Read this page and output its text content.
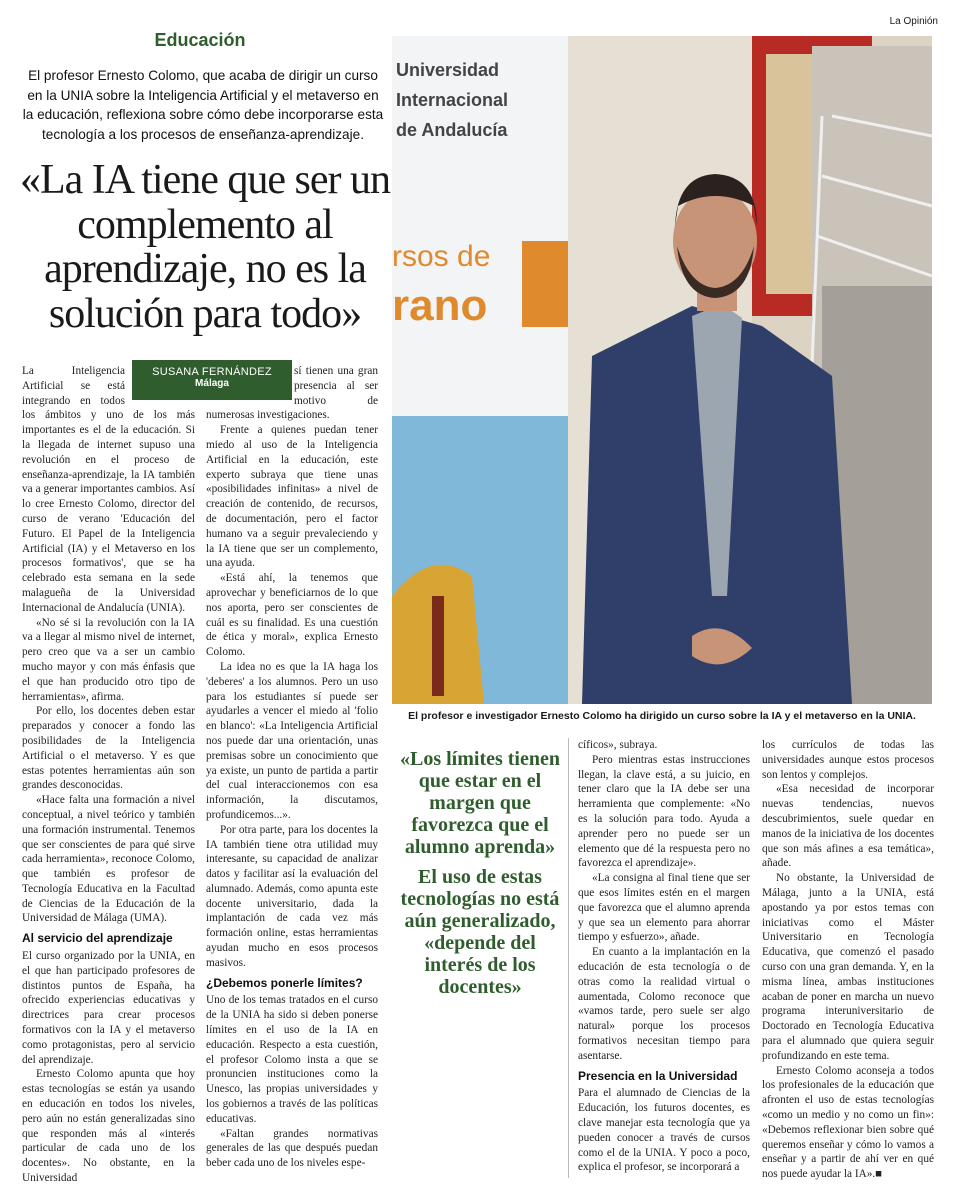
La Opinión
Educación
El profesor Ernesto Colomo, que acaba de dirigir un curso en la UNIA sobre la Inteligencia Artificial y el metaverso en la educación, reflexiona sobre cómo debe incorporarse esta tecnología a los procesos de enseñanza-aprendizaje.
«La IA tiene que ser un complemento al aprendizaje, no es la solución para todo»
Universidad
Internacional
de Andalucía
rsos de
rano
El profesor e investigador Ernesto Colomo ha dirigido un curso sobre la IA y el metaverso en la UNIA.
SUSANA FERNÁNDEZ
Málaga

La Inteligencia Artificial se está integrando en todos los ámbitos y uno de los más importantes es el de la educación. Si la llegada de internet supuso una revolución en el proceso de enseñanza-aprendizaje, la IA también va a generar importantes cambios. Así lo cree Ernesto Colomo, director del curso de verano 'Educación del Futuro. El Papel de la Inteligencia Artificial (IA) y el Metaverso en los procesos formativos', que se ha celebrado esta semana en la sede malagueña de la Universidad Internacional de Andalucía (UNIA).

«No sé si la revolución con la IA va a llegar al mismo nivel de internet, pero creo que va a ser un cambio mucho mayor y con más énfasis que el que han producido otro tipo de herramientas», afirma.

Por ello, los docentes deben estar preparados y conocer a fondo las posibilidades de la Inteligencia Artificial o el metaverso. Y es que estas potentes herramientas aún son grandes desconocidas.

«Hace falta una formación a nivel conceptual, a nivel teórico y también una formación instrumental. Tenemos que ser conscientes de para qué sirve cada herramienta», reconoce Colomo, que también es profesor de Tecnología Educativa en la Facultad de Ciencias de la Educación de la Universidad de Málaga (UMA).

Al servicio del aprendizaje

El curso organizado por la UNIA, en el que han participado profesores de distintos puntos de España, ha ofrecido experiencias educativas y directrices para crear procesos formativos con la IA y el metaverso como protagonistas, pero al servicio del aprendizaje.

Ernesto Colomo apunta que hoy estas tecnologías se están ya usando en educación en todos los niveles, pero aún no están generalizadas sino que responden más al «interés particular de cada uno de los docentes». No obstante, en la Universidad

sí tienen una gran presencia al ser motivo de numerosas investigaciones.

Frente a quienes puedan tener miedo al uso de la Inteligencia Artificial en la educación, este experto subraya que tiene unas «posibilidades infinitas» a nivel de creación de contenido, de recursos, de documentación, pero el factor humano va a seguir prevaleciendo y la IA tiene que ser un complemento, una ayuda.

«Está ahí, la tenemos que aprovechar y beneficiarnos de lo que nos aporta, pero ser conscientes de cuál es su finalidad. Es una cuestión de ética y moral», explica Ernesto Colomo.

La idea no es que la IA haga los 'deberes' a los alumnos. Pero un uso para los estudiantes sí puede ser ayudarles a vencer el miedo al 'folio en blanco': «La Inteligencia Artificial nos puede dar una orientación, unas premisas sobre un conocimiento que ya existe, un punto de partida a partir del cual interaccionemos con esa información, la discutamos, profundicemos...».

Por otra parte, para los docentes la IA también tiene otra utilidad muy interesante, su capacidad de analizar datos y facilitar así la evaluación del alumnado. Además, como apunta este docente universitario, dada la implantación de cada vez más formación online, estas herramientas ayudan mucho en esos procesos masivos.

¿Debemos ponerle límites?

Uno de los temas tratados en el curso de la UNIA ha sido si deben ponerse límites en el uso de la IA en educación. Respecto a esta cuestión, el profesor Colomo insta a que se pronuncien instituciones como la Unesco, las propias universidades y los gobiernos a través de las políticas educativas.

«Faltan grandes normativas generales de las que después puedan beber cada uno de los niveles espe-

«Los límites tienen que estar en el margen que favorezca que el alumno aprenda»
El uso de estas tecnologías no está aún generalizado, «depende del interés de los docentes»

cíficos», subraya.

Pero mientras estas instrucciones llegan, la clave está, a su juicio, en tener claro que la IA debe ser una herramienta que complemente: «No es la solución para todo. Ayuda a aprender pero no puede ser un elemento que dé la respuesta pero no favorezca el aprendizaje».

«La consigna al final tiene que ser que esos límites estén en el margen que favorezca que el alumno aprenda y que sea un elemento para ahorrar tiempo y esfuerzo», añade.

En cuanto a la implantación en la educación de esta tecnología o de otras como la realidad virtual o aumentada, Colomo reconoce que «vamos tarde, pero suele ser algo natural» porque los procesos formativos necesitan tiempo para asentarse.

Presencia en la Universidad

Para el alumnado de Ciencias de la Educación, los futuros docentes, es clave manejar esta tecnología que ya pueden conocer a través de cursos como el de la UNIA. Y poco a poco, explica el profesor, se incorporará a

los currículos de todas las universidades aunque estos procesos son lentos y complejos.

«Esa necesidad de incorporar nuevas tendencias, nuevos descubrimientos, suele quedar en manos de la iniciativa de los docentes que son más afines a esa temática», añade.

No obstante, la Universidad de Málaga, junto a la UNIA, está apostando ya por estos temas con iniciativas como el Máster Universitario en Tecnología Educativa, que comenzó el pasado curso con una gran demanda. Y, en la misma línea, ambas instituciones acaban de poner en marcha un nuevo programa interuniversitario de Doctorado en Tecnología Educativa para el alumnado que quiera seguir profundizando en este tema.

Ernesto Colomo aconseja a todos los profesionales de la educación que afronten el uso de estas tecnologías «como un medio y no como un fin»: «Debemos reflexionar bien sobre qué queremos enseñar y cómo lo vamos a enseñar y a partir de ahí ver en qué nos puede ayudar la IA».■
